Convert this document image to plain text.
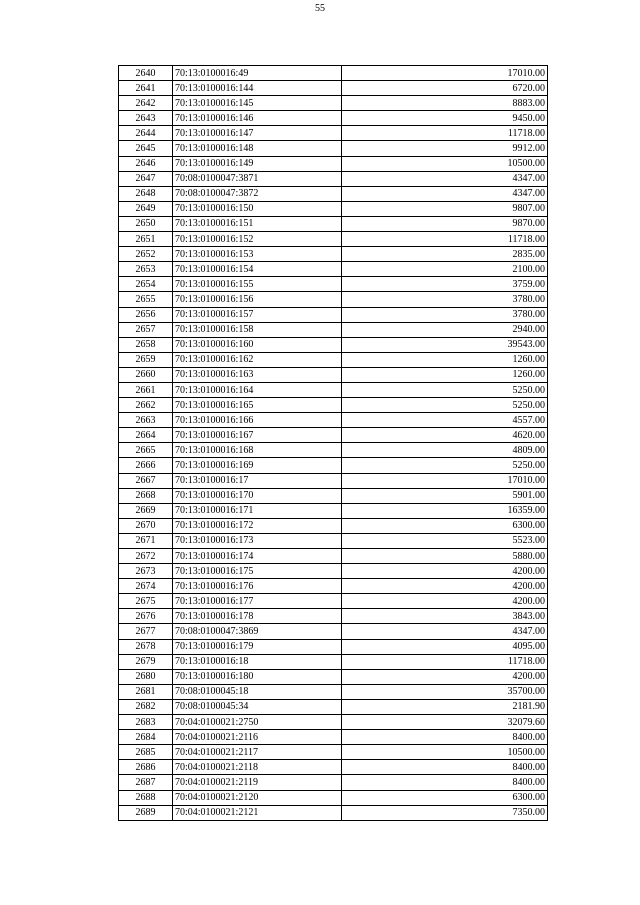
55
2640	70:13:0100016:49	17010.00
2641	70:13:0100016:144	6720.00
2642	70:13:0100016:145	8883.00
2643	70:13:0100016:146	9450.00
2644	70:13:0100016:147	11718.00
2645	70:13:0100016:148	9912.00
2646	70:13:0100016:149	10500.00
2647	70:08:0100047:3871	4347.00
2648	70:08:0100047:3872	4347.00
2649	70:13:0100016:150	9807.00
2650	70:13:0100016:151	9870.00
2651	70:13:0100016:152	11718.00
2652	70:13:0100016:153	2835.00
2653	70:13:0100016:154	2100.00
2654	70:13:0100016:155	3759.00
2655	70:13:0100016:156	3780.00
2656	70:13:0100016:157	3780.00
2657	70:13:0100016:158	2940.00
2658	70:13:0100016:160	39543.00
2659	70:13:0100016:162	1260.00
2660	70:13:0100016:163	1260.00
2661	70:13:0100016:164	5250.00
2662	70:13:0100016:165	5250.00
2663	70:13:0100016:166	4557.00
2664	70:13:0100016:167	4620.00
2665	70:13:0100016:168	4809.00
2666	70:13:0100016:169	5250.00
2667	70:13:0100016:17	17010.00
2668	70:13:0100016:170	5901.00
2669	70:13:0100016:171	16359.00
2670	70:13:0100016:172	6300.00
2671	70:13:0100016:173	5523.00
2672	70:13:0100016:174	5880.00
2673	70:13:0100016:175	4200.00
2674	70:13:0100016:176	4200.00
2675	70:13:0100016:177	4200.00
2676	70:13:0100016:178	3843.00
2677	70:08:0100047:3869	4347.00
2678	70:13:0100016:179	4095.00
2679	70:13:0100016:18	11718.00
2680	70:13:0100016:180	4200.00
2681	70:08:0100045:18	35700.00
2682	70:08:0100045:34	2181.90
2683	70:04:0100021:2750	32079.60
2684	70:04:0100021:2116	8400.00
2685	70:04:0100021:2117	10500.00
2686	70:04:0100021:2118	8400.00
2687	70:04:0100021:2119	8400.00
2688	70:04:0100021:2120	6300.00
2689	70:04:0100021:2121	7350.00
